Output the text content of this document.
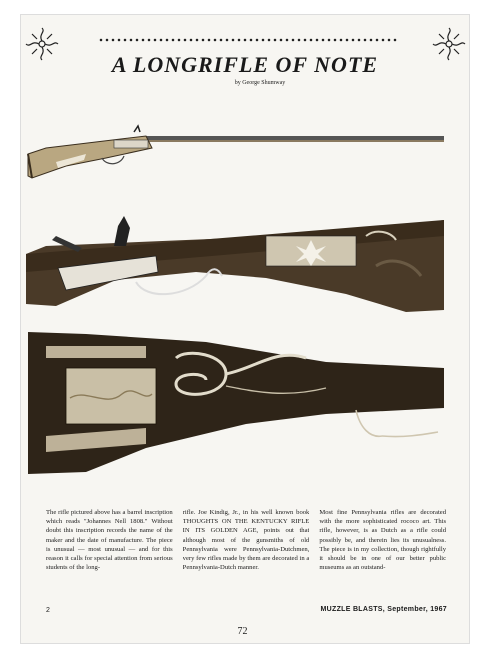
A LONGRIFLE OF NOTE
by George Shumway
The rifle pictured above has a barrel inscription which reads "Johannes Nell 1808." Without doubt this inscription records the name of the maker and the date of manufacture. The piece is unusual — most unusual — and for this reason it calls for special attention from serious students of the long-
rifle. Joe Kindig, Jr., in his well known book THOUGHTS ON THE KENTUCKY RIFLE IN ITS GOLDEN AGE, points out that although most of the gunsmiths of old Pennsylvania were Pennsylvania-Dutchmen, very few rifles made by them are decorated in a Pennsylvania-Dutch manner.
Most fine Pennsylvania rifles are decorated with the more sophisticated rococo art. This rifle, however, is as Dutch as a rifle could possibly be, and therein lies its unusualness. The piece is in my collection, though rightfully it should be in one of our better public museums as an outstand-
2	MUZZLE BLASTS, September, 1967
72
